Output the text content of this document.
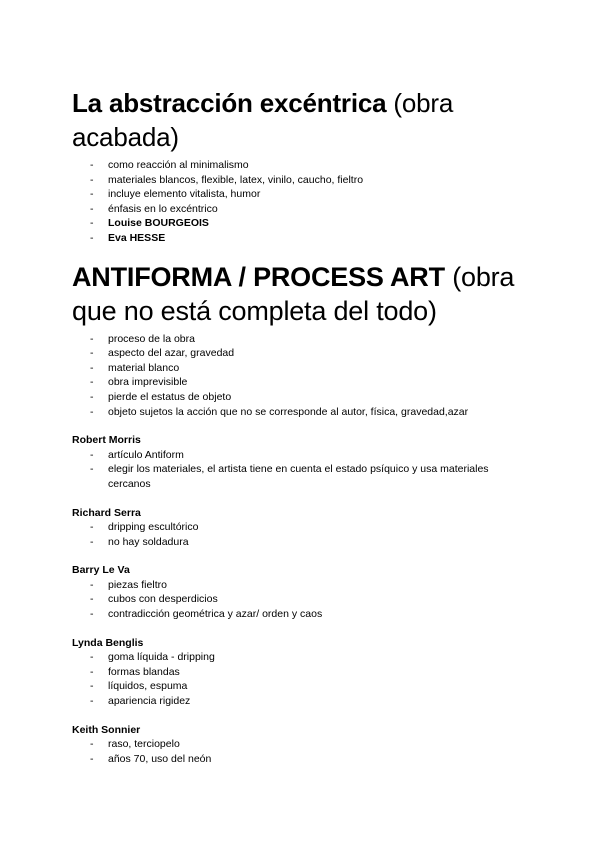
La abstracción excéntrica (obra acabada)
- como reacción al minimalismo
- materiales blancos, flexible, latex, vinilo, caucho, fieltro
- incluye elemento vitalista, humor
- énfasis en lo excéntrico
- Louise BOURGEOIS
- Eva HESSE
ANTIFORMA / PROCESS ART (obra que no está completa del todo)
- proceso de la obra
- aspecto del azar, gravedad
- material blanco
- obra imprevisible
- pierde el estatus de objeto
- objeto sujetos la acción que no se corresponde al autor, física, gravedad,azar
Robert Morris
- artículo Antiform
- elegir los materiales, el artista tiene en cuenta el estado psíquico y usa materiales cercanos
Richard Serra
- dripping escultórico
- no hay soldadura
Barry Le Va
- piezas fieltro
- cubos con desperdicios
- contradicción geométrica y azar/ orden y caos
Lynda Benglis
- goma líquida - dripping
- formas blandas
- líquidos, espuma
- apariencia rigidez
Keith Sonnier
- raso, terciopelo
- años 70, uso del neón
